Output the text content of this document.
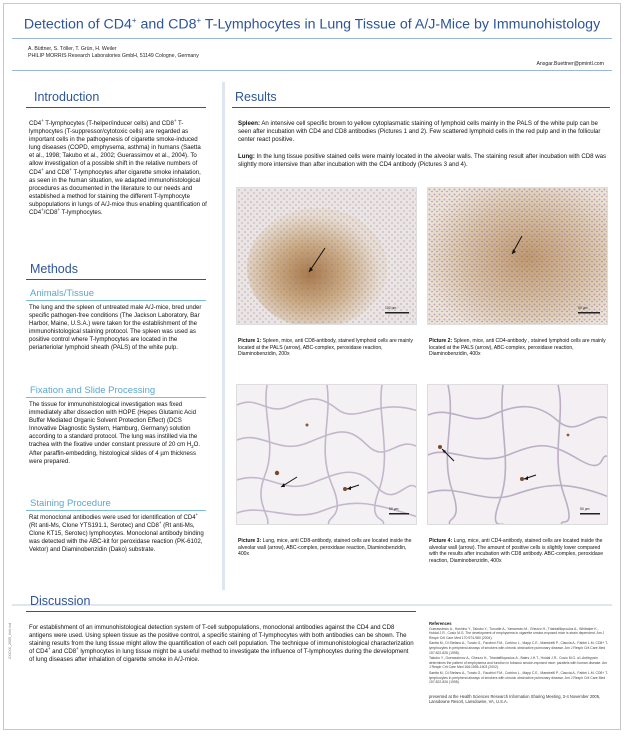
Detection of CD4+ and CD8+ T-Lymphocytes in Lung Tissue of A/J-Mice by Immunohistology
A. Büttner, S. Töller, T. Grün, H. Weiler
PHILIP MORRIS Research Laboratories GmbH, 51149 Cologne, Germany
Ansgar.Buettner@pmintl.com
Introduction
CD4+ T-lymphocytes (T-helper/inducer cells) and CD8+ T-lymphocytes (T-suppressor/cytotoxic cells) are regarded as important cells in the pathogenesis of cigarette smoke-induced lung diseases (COPD, emphysema, asthma) in humans (Saetta et al., 1998; Takubo et al., 2002; Guerassimov et al., 2004). To allow investigation of a possible shift in the relative numbers of CD4+ and CD8+ T-lymphocytes after cigarette smoke inhalation, as seen in the human situation, we adapted immunohistological procedures as documented in the literature to our needs and established a method for staining the different T-lymphocyte subpopulations in lungs of A/J-mice thus enabling quantification of CD4+/CD8+ T-lymphocytes.
Methods
Animals/Tissue
The lung and the spleen of untreated male A/J-mice, bred under specific pathogen-free conditions (The Jackson Laboratory, Bar Harbor, Maine, U.S.A.) were taken for the establishment of the immunohistological staining protocol. The spleen was used as positive control where T-lymphocytes are located in the periarteriolar lymphoid sheath (PALS) of the white pulp.
Fixation and Slide Processing
The tissue for immunohistological investigation was fixed immediately after dissection with HOPE (Hepes Glutamic Acid Buffer Mediated Organic Solvent Protection Effect) (DCS Innovative Diagnostic System, Hamburg, Germany) solution according to a standard protocol. The lung was instilled via the trachea with the fixative under constant pressure of 20 cm $H_2O$. After paraffin-embedding, histological slides of 4 µm thickness were prepared.
Staining Procedure
Rat monoclonal antibodies were used for identification of CD4+ (Rt anti-Ms, Clone YTS191.1, Serotec) and CD8+ (Rt anti-Ms, Clone KT15, Serotec) lymphocytes. Monoclonal antibody binding was detected with the ABC-kit for peroxidase reaction (PK-6102, Vektor) and Diaminobenzidin (Dako) substrate.
Results
Spleen: An intensive cell specific brown to yellow cytoplasmatic staining of lymphoid cells mainly in the PALS of the white pulp can be seen after incubation with CD4 and CD8 antibodies (Pictures 1 and 2). Few scattered lymphoid cells in the red pulp and in the follicular center react positive.
Lung: In the lung tissue positive stained cells were mainly located in the alveolar walls. The staining result after incubation with CD8 was slightly more intensive than after incubation with the CD4 antibody (Pictures 3 and 4).
100 µm
Picture 1: Spleen, mice, anti CD8-antibody, stained lymphoid cells are mainly located at the PALS (arrow), ABC-complex, peroxidase reaction, Diaminobenzidin, 200x
50 µm
Picture 2: Spleen, mice, anti CD4-antibody , stained lymphoid cells are mainly located at the PALS (arrow), ABC-complex, peroxidase reaction, Diaminobenzidin, 400x
50 µm
Picture 3: Lung, mice, anti CD8-antibody, stained cells are located inside the alveolar wall (arrow), ABC-complex, peroxidase reaction, Diaminobenzidin, 400x
50 µm
Picture 4: Lung, mice, anti CD4-antibody, stained cells are located inside the alveolar wall (arrow). The amount of positive cells is slightly lower compared with the results after incubation with CD8 antibody. ABC-complex, peroxidase reaction, Diaminobenzidin, 400x
Discussion
For establishment of an immunohistological detection system of T-cell subpopulations, monoclonal antibodies against the CD4 and CD8 antigens were used. Using spleen tissue as the positive control, a specific staining of T-lymphocytes with both antibodies can be shown. The staining results from the lung tissue might allow the quantification of each cell population. The technique of immunohistological characterization of CD4+ and CD8+ lymphocytes in lung tissue might be a useful method to investigate the influence of T-lymphocytes during the development of lung diseases after inhalation of cigarette smoke in A/J-mice.
References
Guerassimov A., Hoshino Y., Takubo Y., Turcotte A., Yamamoto M., Ghezzo H., Triantafillopoulos A., Whittaker K., Hoidal J.R., Cosio M.G. The development of emphysema in cigarette smoke-exposed mice is strain dependent. Am J Respir Crit Care Med 170:974-980 (2004).
Saetta M., Di Stefano A., Turato G., Facchini F.M., Corbino L., Mapp C.E., Maestrelli P., Ciaccia A., Fabbri L.M. CD8+ T-lymphocytes in peripheral airways of smokers with chronic obstructive pulmonary disease. Am J Respir Crit Care Med 157:822-826 (1998).
Takubo Y., Guerassimov A., Ghezzo H., Triantafillopoulos A., Bates J.H.T., Hoidal J.R., Cosio M.G. α1-Antitrypsin determines the pattern of emphysema and function in tobacco smoke-exposed mice: parallels with human disease. Am J Respir Crit Care Med 166:1596-1603 (2002).
Saetta M., Di Stefano A., Turato G., Facchini F.M., Corbino L., Mapp C.E., Maestrelli P., Ciaccia A., Fabbri L.M. CD8+ T-lymphocytes in peripheral airways of smokers with chronic obstructive pulmonary disease. Am J Respir Crit Care Med 157:822-826 (1998).
presented at the Health Sciences Research Information Sharing Meeting, 3-4 November 2005, Lansdowne Resort, Lansdowne, VA, U.S.A.
XXXXX_2005_###.md
